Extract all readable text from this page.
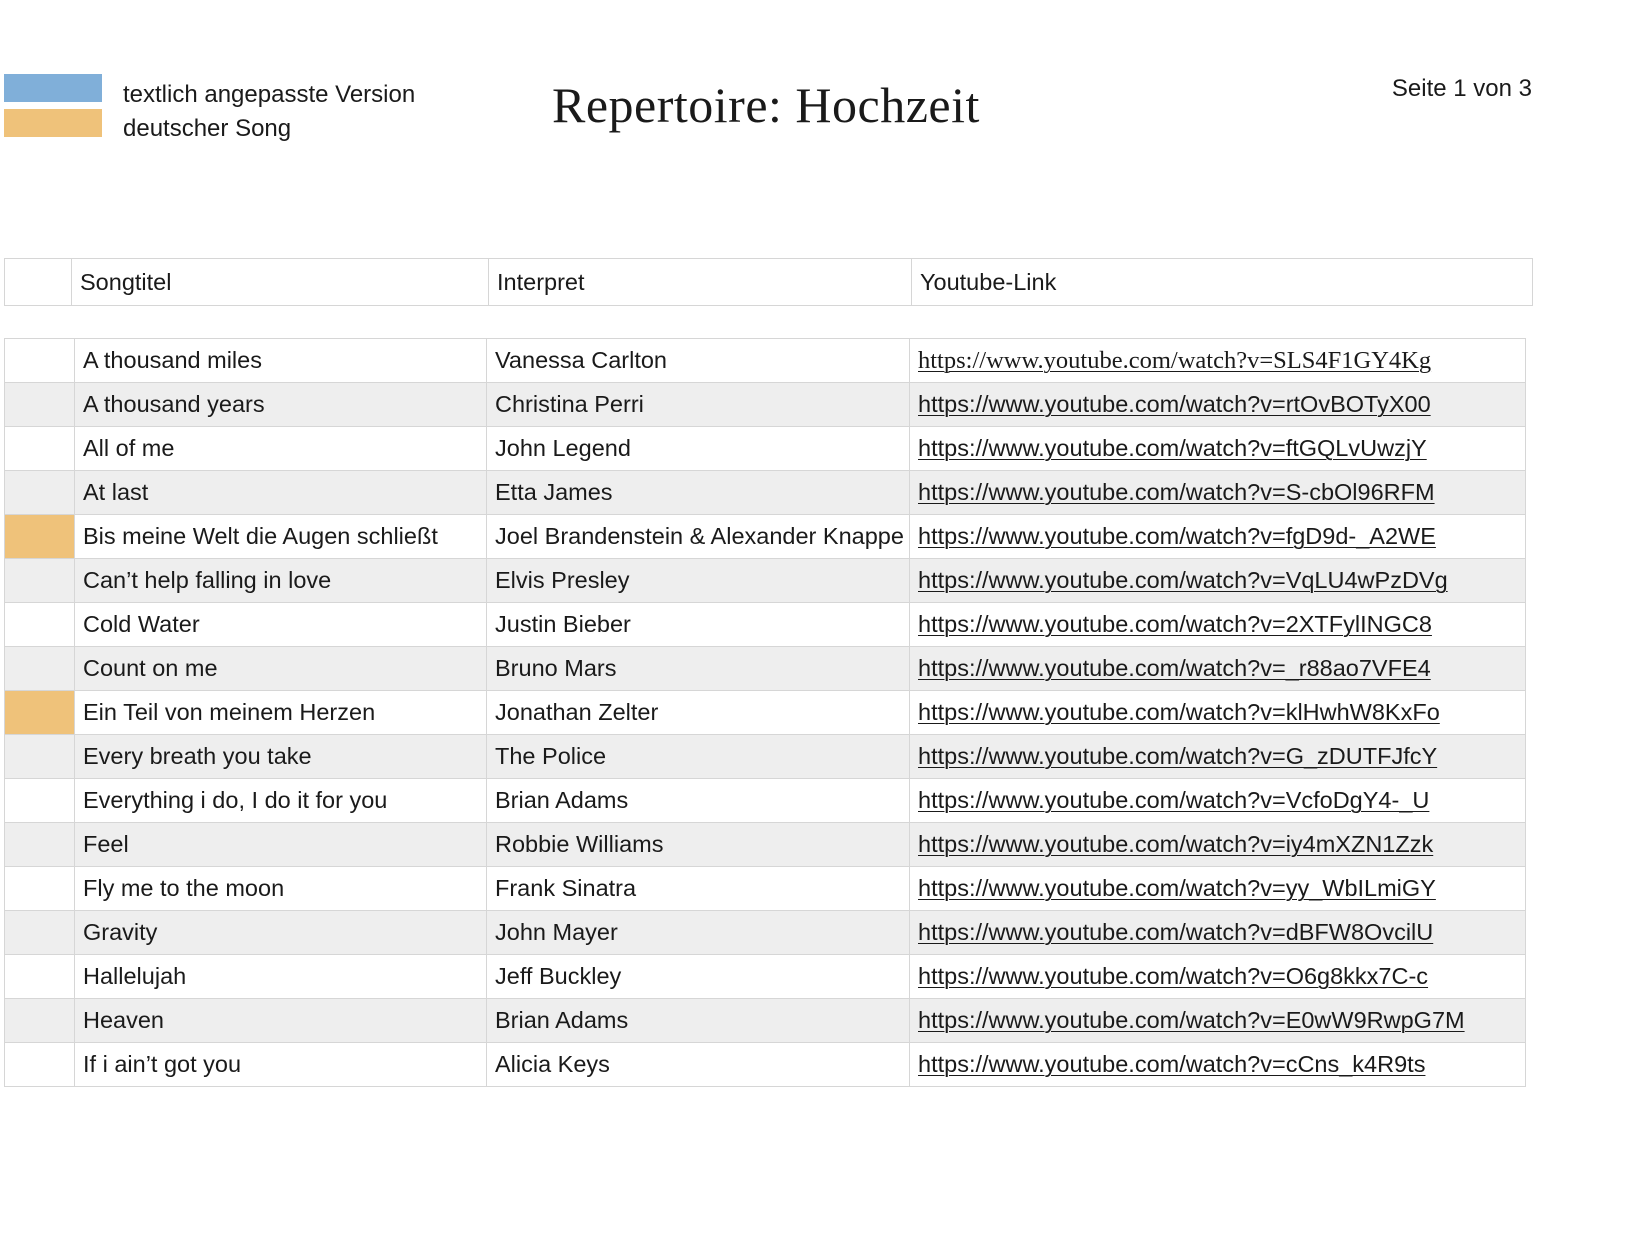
textlich angepasste Version
deutscher Song	Repertoire: Hochzeit	Seite 1 von 3
	Songtitel	Interpret	Youtube-Link
	A thousand miles	Vanessa Carlton	https://www.youtube.com/watch?v=SLS4F1GY4Kg
	A thousand years	Christina Perri	https://www.youtube.com/watch?v=rtOvBOTyX00
	All of me	John Legend	https://www.youtube.com/watch?v=ftGQLvUwzjY
	At last	Etta James	https://www.youtube.com/watch?v=S-cbOl96RFM
	Bis meine Welt die Augen schließt	Joel Brandenstein & Alexander Knappe	https://www.youtube.com/watch?v=fgD9d-_A2WE
	Can’t help falling in love	Elvis Presley	https://www.youtube.com/watch?v=VqLU4wPzDVg
	Cold Water	Justin Bieber	https://www.youtube.com/watch?v=2XTFylINGC8
	Count on me	Bruno Mars	https://www.youtube.com/watch?v=_r88ao7VFE4
	Ein Teil von meinem Herzen	Jonathan Zelter	https://www.youtube.com/watch?v=klHwhW8KxFo
	Every breath you take	The Police	https://www.youtube.com/watch?v=G_zDUTFJfcY
	Everything i do, I do it for you	Brian Adams	https://www.youtube.com/watch?v=VcfoDgY4-_U
	Feel	Robbie Williams	https://www.youtube.com/watch?v=iy4mXZN1Zzk
	Fly me to the moon	Frank Sinatra	https://www.youtube.com/watch?v=yy_WbILmiGY
	Gravity	John Mayer	https://www.youtube.com/watch?v=dBFW8OvcilU
	Hallelujah	Jeff Buckley	https://www.youtube.com/watch?v=O6g8kkx7C-c
	Heaven	Brian Adams	https://www.youtube.com/watch?v=E0wW9RwpG7M
	If i ain’t got you	Alicia Keys	https://www.youtube.com/watch?v=cCns_k4R9ts
